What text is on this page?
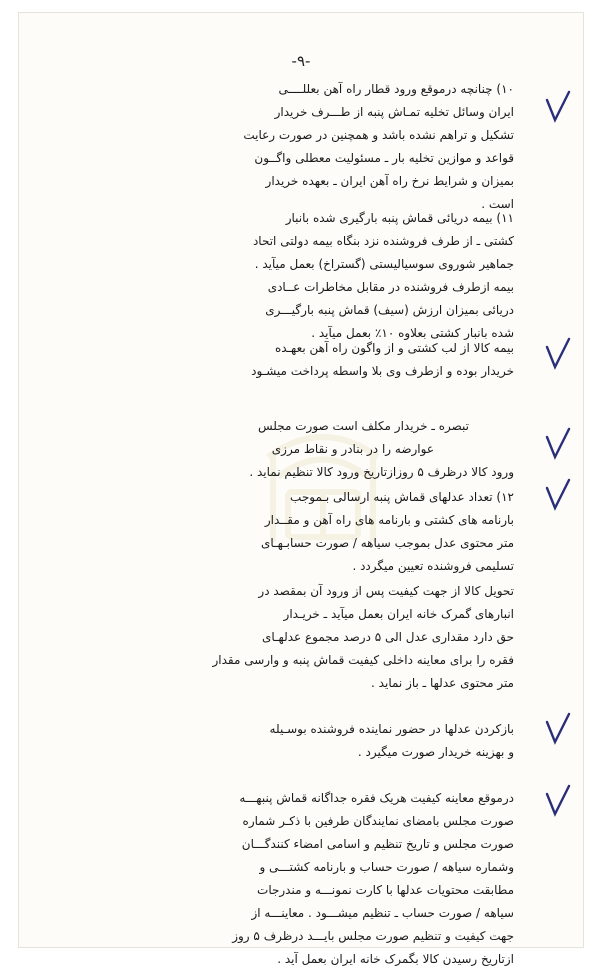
-۹-

۱۰) چنانچه درموقع ورود قطار راه آهن بعللــــی

ایران وسائل تخلیه تمـاش پنبه از طـــرف خریدار

تشکیل و تراهم نشده باشد و همچنین در صورت رعایت

قواعد و موازین تخلیه بار ـ مسئولیت معطلی واگــون

بمیزان و شرایط نرخ راه آهن ایران ـ بعهده خریدار

است .

۱۱) بیمه دریائی قماش پنبه بارگیری شده بانبار

کشتی ـ از طرف فروشنده نزد بنگاه بیمه دولتی اتحاد

جماهیر شوروی سوسیالیستی (گستراخ) بعمل میآید .

بیمه ازطرف فروشنده در مقابل مخاطرات عــادی

دریائی بمیزان ارزش (سیف) قماش پنبه بارگیـــری

شده بانبار کشتی بعلاوه ۱۰٪ بعمل میآید .

بیمه کالا از لب کشتی و از واگون راه آهن بعهـده

خریدار بوده و ازطرف وی بلا واسطه پرداخت میشـود

تبصره ـ خریدار مکلف است صورت مجلس

عوارضه را در بنادر و نقاط مرزی

ورود کالا درظرف ۵ روزازتاریخ ورود کالا تنظیم نماید .

۱۲) تعداد عدلهای قماش پنبه ارسالی بـموجب

بارنامه های کشتی و بارنامه های راه آهن و مقــدار

متر محتوی عدل بموجب سیاهه / صورت حسابـهـای

تسلیمی فروشنده تعیین میگردد .

تحویل کالا از جهت کیفیت پس از ورود آن بمقصد در

انبارهای گمرک خانه ایران بعمل میآید ـ خریـدار

حق دارد مقداری عدل الی ۵ درصد مجموع عدلهـای

فقره را برای معاینه داخلی کیفیت قماش پنبه و وارسی مقدار

متر محتوی عدلها ـ باز نماید .

بازکردن عدلها در حضور نماینده فروشنده بوسـیله

و بهزینه خریدار صورت میگیرد .

درموقع معاینه کیفیت هریک فقره جداگانه قماش پنبهـــه

صورت مجلس بامضای نمایندگان طرفین با ذکـر شماره

صورت مجلس و تاریخ تنظیم و اسامی امضاء کنندگـــان

وشماره سیاهه / صورت حساب و بارنامه کشتـــی و

مطابقت محتویات عدلها با کارت نمونـــه و مندرجات

سیاهه / صورت حساب ـ تنظیم میشـــود . معاینـــه از

جهت کیفیت و تنظیم صورت مجلس بایـــد درظرف ۵ روز

ازتاریخ رسیدن کالا بگمرک خانه ایران بعمل آید .
